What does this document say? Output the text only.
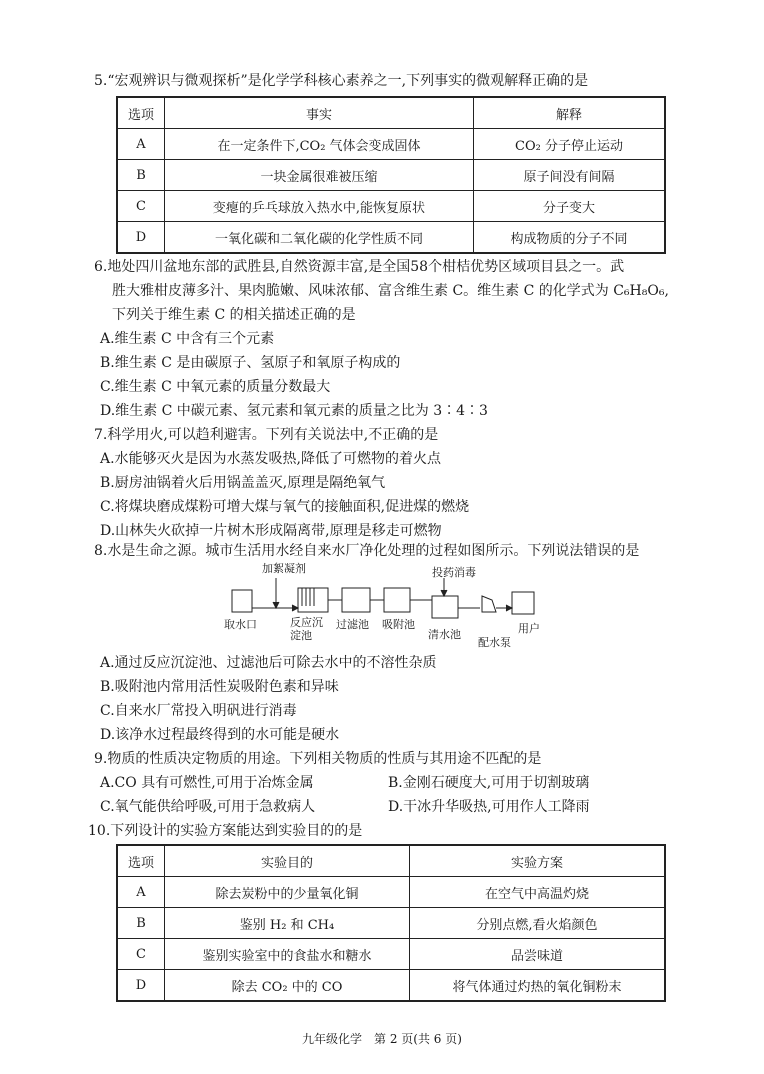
5.“宏观辨识与微观探析”是化学学科核心素养之一,下列事实的微观解释正确的是
选项	事实	解释
A	在一定条件下,CO₂ 气体会变成固体	CO₂ 分子停止运动
B	一块金属很难被压缩	原子间没有间隔
C	变瘪的乒乓球放入热水中,能恢复原状	分子变大
D	一氧化碳和二氧化碳的化学性质不同	构成物质的分子不同
6.地处四川盆地东部的武胜县,自然资源丰富,是全国58个柑桔优势区域项目县之一。武
胜大雅柑皮薄多汁、果肉脆嫩、风味浓郁、富含维生素 C。维生素 C 的化学式为 C₆H₈O₆,
下列关于维生素 C 的相关描述正确的是
A.维生素 C 中含有三个元素
B.维生素 C 是由碳原子、氢原子和氧原子构成的
C.维生素 C 中氧元素的质量分数最大
D.维生素 C 中碳元素、氢元素和氧元素的质量之比为 3∶4∶3
7.科学用火,可以趋利避害。下列有关说法中,不正确的是
A.水能够灭火是因为水蒸发吸热,降低了可燃物的着火点
B.厨房油锅着火后用锅盖盖灭,原理是隔绝氧气
C.将煤块磨成煤粉可增大煤与氧气的接触面积,促进煤的燃烧
D.山林失火砍掉一片树木形成隔离带,原理是移走可燃物
8.水是生命之源。城市生活用水经自来水厂净化处理的过程如图所示。下列说法错误的是
加絮凝剂	投药消毒
取水口	反应沉淀池
过滤池 吸附池
清水池
配水泵
用户
A.通过反应沉淀池、过滤池后可除去水中的不溶性杂质
B.吸附池内常用活性炭吸附色素和异味
C.自来水厂常投入明矾进行消毒
D.该净水过程最终得到的水可能是硬水
9.物质的性质决定物质的用途。下列相关物质的性质与其用途不匹配的是
A.CO 具有可燃性,可用于冶炼金属	B.金刚石硬度大,可用于切割玻璃
C.氧气能供给呼吸,可用于急救病人	D.干冰升华吸热,可用作人工降雨
10.下列设计的实验方案能达到实验目的的是
选项	实验目的	实验方案
A	除去炭粉中的少量氧化铜	在空气中高温灼烧
B	鉴别 H₂ 和 CH₄	分别点燃,看火焰颜色
C	鉴别实验室中的食盐水和糖水	品尝味道
D	除去 CO₂ 中的 CO	将气体通过灼热的氧化铜粉末
九年级化学　第 2 页(共 6 页)
